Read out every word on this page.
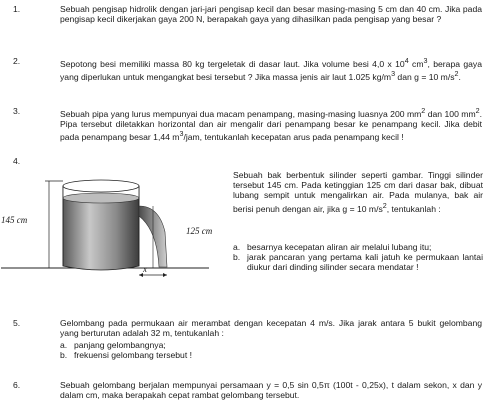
1.	Sebuah pengisap hidrolik dengan jari-jari pengisap kecil dan besar masing-masing 5 cm dan 40 cm. Jika pada pengisap kecil dikerjakan gaya 200 N, berapakah gaya yang dihasilkan pada pengisap yang besar ?
2.	Sepotong besi memiliki massa 80 kg tergeletak di dasar laut. Jika volume besi 4,0 x $10^4$ $cm^3$, berapa gaya yang diperlukan untuk mengangkat besi tersebut ? Jika massa jenis air laut 1.025 $kg/m^3$ dan g = 10 $m/s^2$.
3.	Sebuah pipa yang lurus mempunyai dua macam penampang, masing-masing luasnya 200 $mm^2$ dan 100 $mm^2$. Pipa tersebut diletakkan horizontal dan air mengalir dari penampang besar ke penampang kecil. Jika debit pada penampang besar 1,44 $m^3$/jam, tentukanlah kecepatan arus pada penampang kecil !
4.
145 cm
125 cm
x
Sebuah bak berbentuk silinder seperti gambar. Tinggi silinder tersebut 145 cm. Pada ketinggian 125 cm dari dasar bak, dibuat lubang sempit untuk mengalirkan air. Pada mulanya, bak air berisi penuh dengan air, jika g = 10 $m/s^2$, tentukanlah :
a. besarnya kecepatan aliran air melalui lubang itu;
b. jarak pancaran yang pertama kali jatuh ke permukaan lantai diukur dari dinding silinder secara mendatar !
5.	Gelombang pada permukaan air merambat dengan kecepatan 4 m/s. Jika jarak antara 5 bukit gelombang yang berturutan adalah 32 m, tentukanlah :
a. panjang gelombangnya;
b. frekuensi gelombang tersebut !
6.	Sebuah gelombang berjalan mempunyai persamaan y = 0,5 sin 0,5π (100t - 0,25x), t dalam sekon, x dan y dalam cm, maka berapakah cepat rambat gelombang tersebut.
